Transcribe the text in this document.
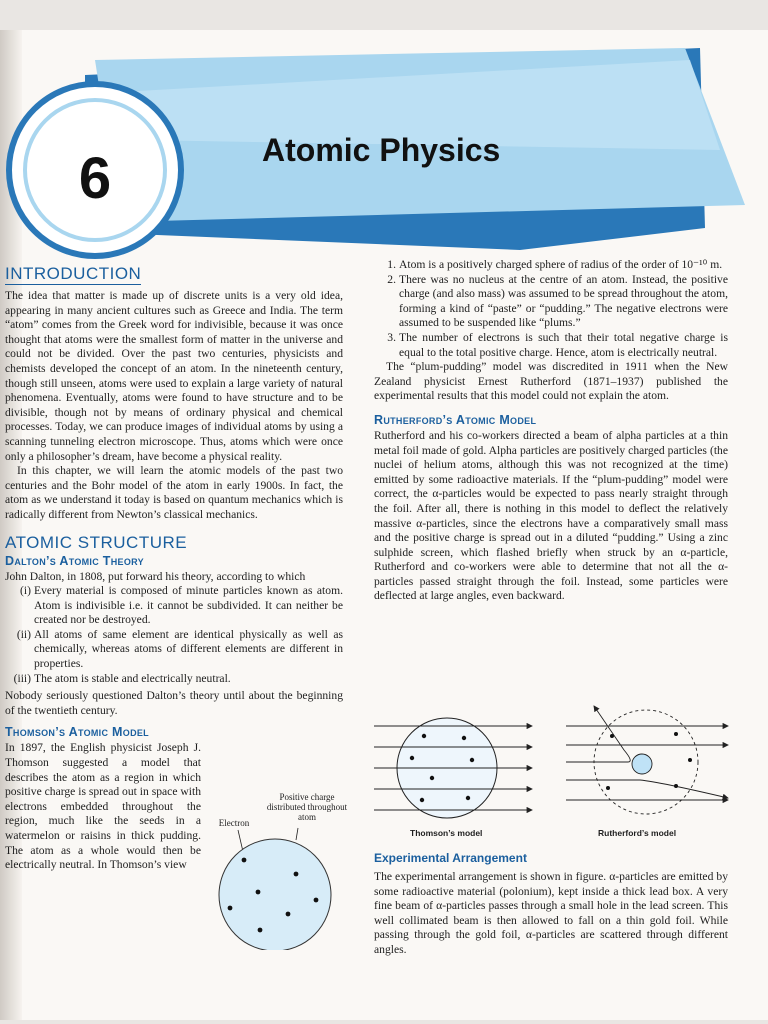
6	Atomic Physics
INTRODUCTION

The idea that matter is made up of discrete units is a very old idea, appearing in many ancient cultures such as Greece and India. The term “atom” comes from the Greek word for indivisible, because it was once thought that atoms were the smallest form of matter in the universe and could not be divided. Over the past two centuries, physicists and chemists developed the concept of an atom. In the nineteenth century, though still unseen, atoms were used to explain a large variety of natural phenomena. Eventually, atoms were found to have structure and to be divisible, though not by means of ordinary physical and chemical processes. Today, we can produce images of individual atoms by using a scanning tunneling electron microscope. Thus, atoms which were once only a philosopher’s dream, have become a physical reality.

In this chapter, we will learn the atomic models of the past two centuries and the Bohr model of the atom in early 1900s. In fact, the atom as we understand it today is based on quantum mechanics which is radically different from Newton’s classical mechanics.

ATOMIC STRUCTURE
Dalton’s Atomic Theory

John Dalton, in 1808, put forward his theory, according to which

(i) Every material is composed of minute particles known as atom. Atom is indivisible i.e. it cannot be subdivided. It can neither be created nor be destroyed.
(ii) All atoms of same element are identical physically as well as chemically, whereas atoms of different elements are different in properties.
(iii) The atom is stable and electrically neutral.

Nobody seriously questioned Dalton’s theory until about the beginning of the twentieth century.

Thomson’s Atomic Model

In 1897, the English physicist Joseph J. Thomson suggested a model that describes the atom as a region in which positive charge is spread out in space with electrons embedded throughout the region, much like the seeds in a watermelon or raisins in thick pudding. The atom as a whole would then be electrically neutral. In Thomson’s view

Positive charge distributed throughout atom
Electron
1. Atom is a positively charged sphere of radius of the order of 10⁻¹⁰ m.
2. There was no nucleus at the centre of an atom. Instead, the positive charge (and also mass) was assumed to be spread throughout the atom, forming a kind of “paste” or “pudding.” The negative electrons were assumed to be suspended like “plums.”
3. The number of electrons is such that their total negative charge is equal to the total positive charge. Hence, atom is electrically neutral.

The “plum-pudding” model was discredited in 1911 when the New Zealand physicist Ernest Rutherford (1871–1937) published the experimental results that this model could not explain the atom.

Rutherford’s Atomic Model

Rutherford and his co-workers directed a beam of alpha particles at a thin metal foil made of gold. Alpha particles are positively charged particles (the nuclei of helium atoms, although this was not recognized at the time) emitted by some radioactive materials. If the “plum-pudding” model were correct, the α-particles would be expected to pass nearly straight through the foil. After all, there is nothing in this model to deflect the relatively massive α-particles, since the electrons have a comparatively small mass and the positive charge is spread out in a diluted “pudding.” Using a zinc sulphide screen, which flashed briefly when struck by an α-particle, Rutherford and co-workers were able to determine that not all the α-particles passed straight through the foil. Instead, some particles were deflected at large angles, even backward.

Thomson’s model	Rutherford’s model
Experimental Arrangement

The experimental arrangement is shown in figure. α-particles are emitted by some radioactive material (polonium), kept inside a thick lead box. A very fine beam of α-particles passes through a small hole in the lead screen. This well collimated beam is then allowed to fall on a thin gold foil. While passing through the gold foil, α-particles are scattered through different angles.
